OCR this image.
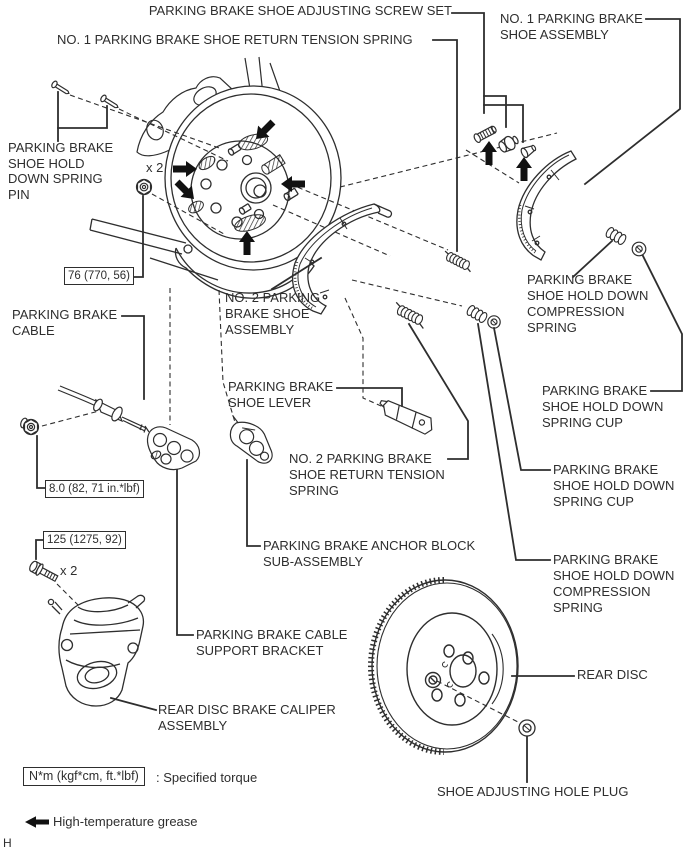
PARKING BRAKE SHOE ADJUSTING SCREW SET
NO. 1 PARKING BRAKE SHOE RETURN TENSION SPRING
NO. 1 PARKING BRAKE
SHOE ASSEMBLY
PARKING BRAKE
SHOE HOLD
DOWN SPRING
PIN
x 2
76 (770, 56)
NO. 2 PARKING
BRAKE SHOE
ASSEMBLY
PARKING BRAKE
CABLE
PARKING BRAKE
SHOE LEVER
NO. 2 PARKING BRAKE
SHOE RETURN TENSION
SPRING
8.0 (82, 71 in.*lbf)
PARKING BRAKE ANCHOR BLOCK
SUB-ASSEMBLY
125 (1275, 92)
x 2
PARKING BRAKE CABLE
SUPPORT BRACKET
REAR DISC BRAKE CALIPER
ASSEMBLY
PARKING BRAKE
SHOE HOLD DOWN
COMPRESSION
SPRING
PARKING BRAKE
SHOE HOLD DOWN
SPRING CUP
PARKING BRAKE
SHOE HOLD DOWN
SPRING CUP
PARKING BRAKE
SHOE HOLD DOWN
COMPRESSION
SPRING
REAR DISC
SHOE ADJUSTING HOLE PLUG
N*m (kgf*cm, ft.*lbf)	: Specified torque
High-temperature grease
H
